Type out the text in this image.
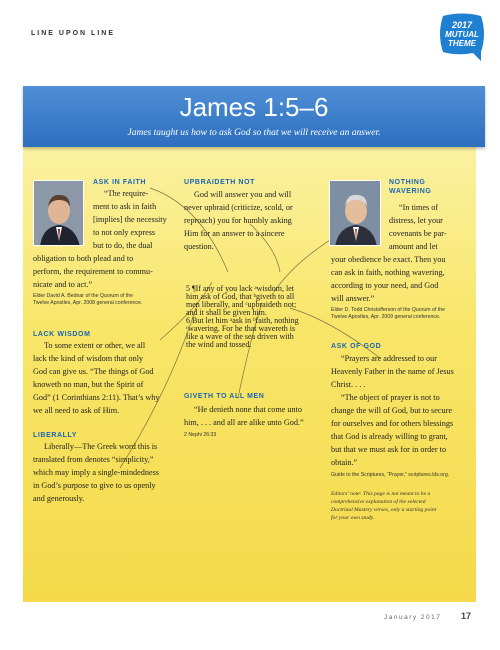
LINE UPON LINE
2017
MUTUAL
THEME
James 1:5–6
James taught us how to ask God so that we will receive an answer.
ASK IN FAITH
“The require-
ment to ask in faith
[implies] the necessity
to not only express
but to do, the dual
obligation to both plead and to
perform, the requirement to commu-
nicate and to act.”
Elder David A. Bednar of the Quorum of the
Twelve Apostles, Apr. 2008 general conference.
LACK WISDOM
To some extent or other, we all
lack the kind of wisdom that only
God can give us. “The things of God
knoweth no man, but the Spirit of
God” (1 Corinthians 2:11). That’s why
we all need to ask of Him.
LIBERALLY
Liberally—The Greek word this is
translated from denotes “simplicity,”
which may imply a single-mindedness
in God’s purpose to give to us openly
and generously.
UPBRAIDETH NOT
God will answer you and will
never upbraid (criticize, scold, or
reproach) you for humbly asking
Him for an answer to a sincere
question.
5 ¶If any of you lack ᵃwisdom, let
him ask of God, that ᵇgiveth to all
men liberally, and ᶜupbraideth not;
and it shall be given him.
6 But let him ᵃask in ᵇfaith, nothing
ᶜwavering. For he that wavereth is
like a wave of the sea driven with
the wind and tossed.
GIVETH TO ALL MEN
“He denieth none that come unto
him, . . . and all are alike unto God.”
2 Nephi 26:33
NOTHING
WAVERING
“In times of
distress, let your
covenants be par-
amount and let
your obedience be exact. Then you
can ask in faith, nothing wavering,
according to your need, and God
will answer.”
Elder D. Todd Christofferson of the Quorum of the
Twelve Apostles, Apr. 2009 general conference.
ASK OF GOD
“Prayers are addressed to our
Heavenly Father in the name of Jesus
Christ. . . .
“The object of prayer is not to
change the will of God, but to secure
for ourselves and for others blessings
that God is already willing to grant,
but that we must ask for in order to
obtain.”
Guide to the Scriptures, “Prayer,” scriptures.lds.org.
Editors’ note: This page is not meant to be a
comprehensive explanation of the selected
Doctrinal Mastery verses, only a starting point
for your own study.
January 2017 17
